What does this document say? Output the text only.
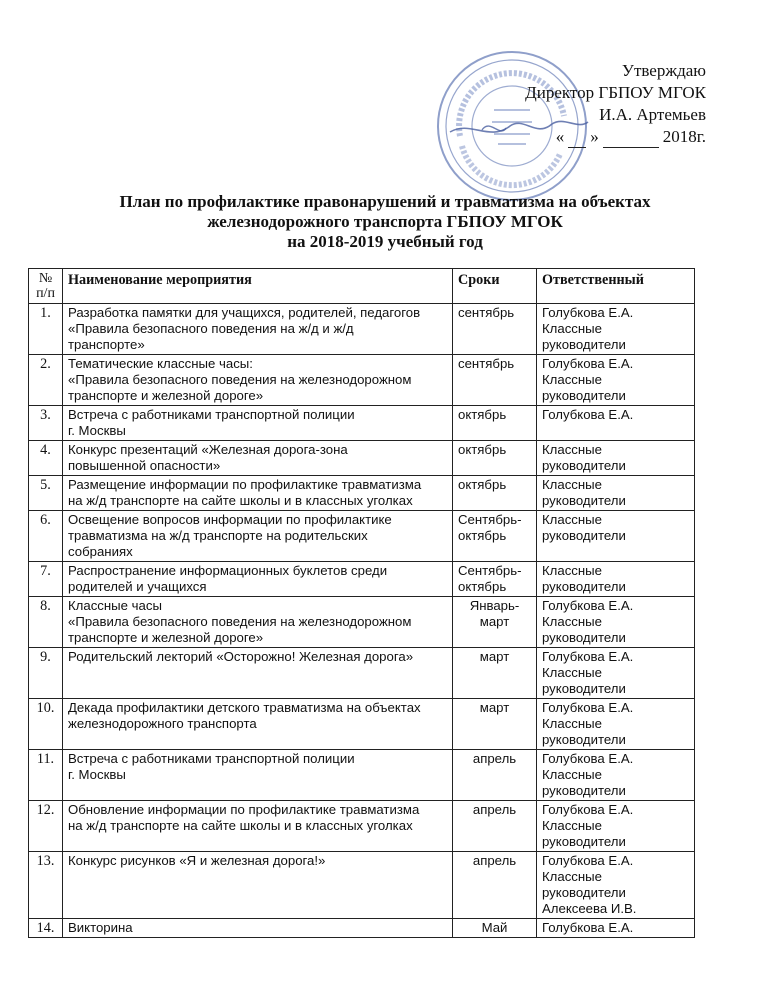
Утверждаю
Директор ГБПОУ МГОК
И.А. Артемьев
« »	2018г.
План по профилактике правонарушений и травматизма на объектах
железнодорожного транспорта ГБПОУ МГОК
на 2018-2019 учебный год
№
п/п	Наименование мероприятия	Сроки	Ответственный
1.	Разработка памятки для учащихся, родителей, педагогов
«Правила безопасного поведения на ж/д и ж/д
транспорте»	сентябрь	Голубкова Е.А.
Классные
руководители

2.	Тематические классные часы:
«Правила безопасного поведения на железнодорожном
транспорте и железной дороге»	сентябрь	Голубкова Е.А.
Классные
руководители

3.	Встреча с работниками транспортной полиции
г. Москвы	октябрь	Голубкова Е.А.

4.	Конкурс презентаций «Железная дорога-зона
повышенной опасности»	октябрь	Классные
руководители

5.	Размещение информации по профилактике травматизма
на ж/д транспорте на сайте школы и в классных уголках	октябрь	Классные
руководители

6.	Освещение вопросов информации по профилактике
травматизма на ж/д транспорте на родительских
собраниях	Сентябрь-
октябрь	Классные
руководители

7.	Распространение информационных буклетов среди
родителей и учащихся	Сентябрь-
октябрь	Классные
руководители

8.	Классные часы
«Правила безопасного поведения на железнодорожном
транспорте и железной дороге»	Январь-
март	Голубкова Е.А.
Классные
руководители

9.	Родительский лекторий «Осторожно! Железная дорога»	март	Голубкова Е.А.
Классные
руководители

10.	Декада профилактики детского травматизма на объектах
железнодорожного транспорта	март	Голубкова Е.А.
Классные
руководители

11.	Встреча с работниками транспортной полиции
г. Москвы	апрель	Голубкова Е.А.
Классные
руководители

12.	Обновление информации по профилактике травматизма
на ж/д транспорте на сайте школы и в классных уголках	апрель	Голубкова Е.А.
Классные
руководители

13.	Конкурс рисунков «Я и железная дорога!»	апрель	Голубкова Е.А.
Классные
руководители
Алексеева И.В.

14.	Викторина	Май	Голубкова Е.А.
